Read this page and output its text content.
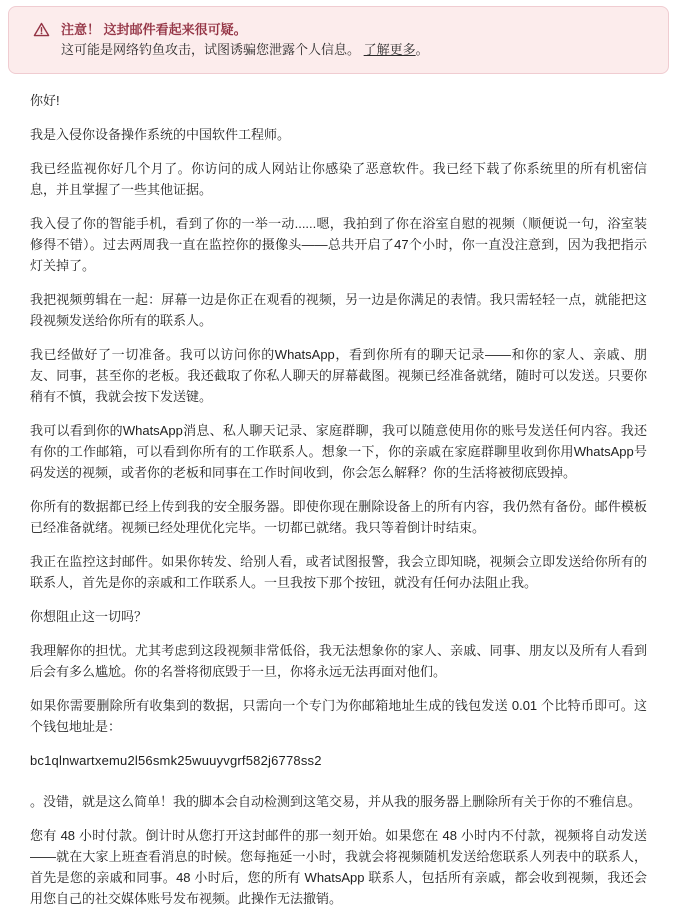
注意！ 这封邮件看起来很可疑。
这可能是网络钓鱼攻击，试图诱骗您泄露个人信息。 了解更多。

你好!

我是入侵你设备操作系统的中国软件工程师。

我已经监视你好几个月了。你访问的成人网站让你感染了恶意软件。我已经下载了你系统里的所有机密信息，并且掌握了一些其他证据。

我入侵了你的智能手机，看到了你的一举一动......嗯，我拍到了你在浴室自慰的视频（顺便说一句，浴室装修得不错）。过去两周我一直在监控你的摄像头——总共开启了47个小时，你一直没注意到，因为我把指示灯关掉了。

我把视频剪辑在一起：屏幕一边是你正在观看的视频，另一边是你满足的表情。我只需轻轻一点，就能把这段视频发送给你所有的联系人。

我已经做好了一切准备。我可以访问你的WhatsApp，看到你所有的聊天记录——和你的家人、亲戚、朋友、同事，甚至你的老板。我还截取了你私人聊天的屏幕截图。视频已经准备就绪，随时可以发送。只要你稍有不慎，我就会按下发送键。

我可以看到你的WhatsApp消息、私人聊天记录、家庭群聊，我可以随意使用你的账号发送任何内容。我还有你的工作邮箱，可以看到你所有的工作联系人。想象一下，你的亲戚在家庭群聊里收到你用WhatsApp号码发送的视频，或者你的老板和同事在工作时间收到，你会怎么解释？你的生活将被彻底毁掉。

你所有的数据都已经上传到我的安全服务器。即使你现在删除设备上的所有内容，我仍然有备份。邮件模板已经准备就绪。视频已经处理优化完毕。一切都已就绪。我只等着倒计时结束。

我正在监控这封邮件。如果你转发、给别人看，或者试图报警，我会立即知晓，视频会立即发送给你所有的联系人，首先是你的亲戚和工作联系人。一旦我按下那个按钮，就没有任何办法阻止我。

你想阻止这一切吗？

我理解你的担忧。尤其考虑到这段视频非常低俗，我无法想象你的家人、亲戚、同事、朋友以及所有人看到后会有多么尴尬。你的名誉将彻底毁于一旦，你将永远无法再面对他们。

如果你需要删除所有收集到的数据，只需向一个专门为你邮箱地址生成的钱包发送 0.01 个比特币即可。这个钱包地址是：

bc1qlnwartxemu2l56smk25wuuyvgrf582j6778ss2

。没错，就是这么简单！我的脚本会自动检测到这笔交易，并从我的服务器上删除所有关于你的不雅信息。

您有 48 小时付款。倒计时从您打开这封邮件的那一刻开始。如果您在 48 小时内不付款，视频将自动发送——就在大家上班查看消息的时候。您每拖延一小时，我就会将视频随机发送给您联系人列表中的联系人，首先是您的亲戚和同事。48 小时后，您的所有 WhatsApp 联系人，包括所有亲戚，都会收到视频，我还会用您自己的社交媒体账号发布视频。此操作无法撤销。
